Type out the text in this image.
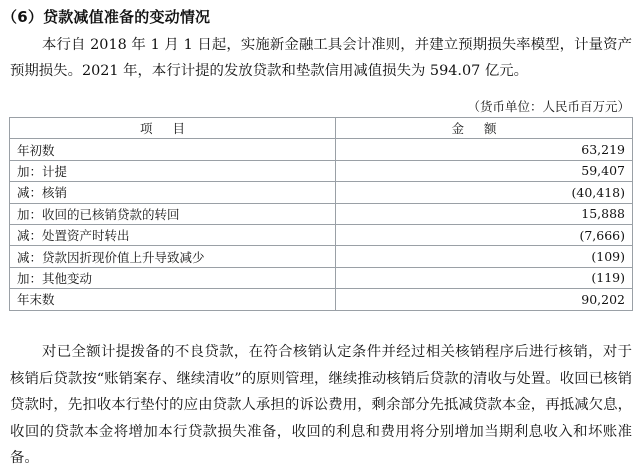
（6）贷款减值准备的变动情况
本行自 2018 年 1 月 1 日起，实施新金融工具会计准则，并建立预期损失率模型，计量资产预期损失。2021 年，本行计提的发放贷款和垫款信用减值损失为 594.07 亿元。
（货币单位：人民币百万元）
项目	金额
年初数	63,219
加：计提	59,407
减：核销	(40,418)
加：收回的已核销贷款的转回	15,888
减：处置资产时转出	(7,666)
减：贷款因折现价值上升导致减少	(109)
加：其他变动	(119)
年末数	90,202
对已全额计提拨备的不良贷款，在符合核销认定条件并经过相关核销程序后进行核销，对于核销后贷款按“账销案存、继续清收”的原则管理，继续推动核销后贷款的清收与处置。收回已核销贷款时，先扣收本行垫付的应由贷款人承担的诉讼费用，剩余部分先抵减贷款本金，再抵减欠息，收回的贷款本金将增加本行贷款损失准备，收回的利息和费用将分别增加当期利息收入和坏账准备。
